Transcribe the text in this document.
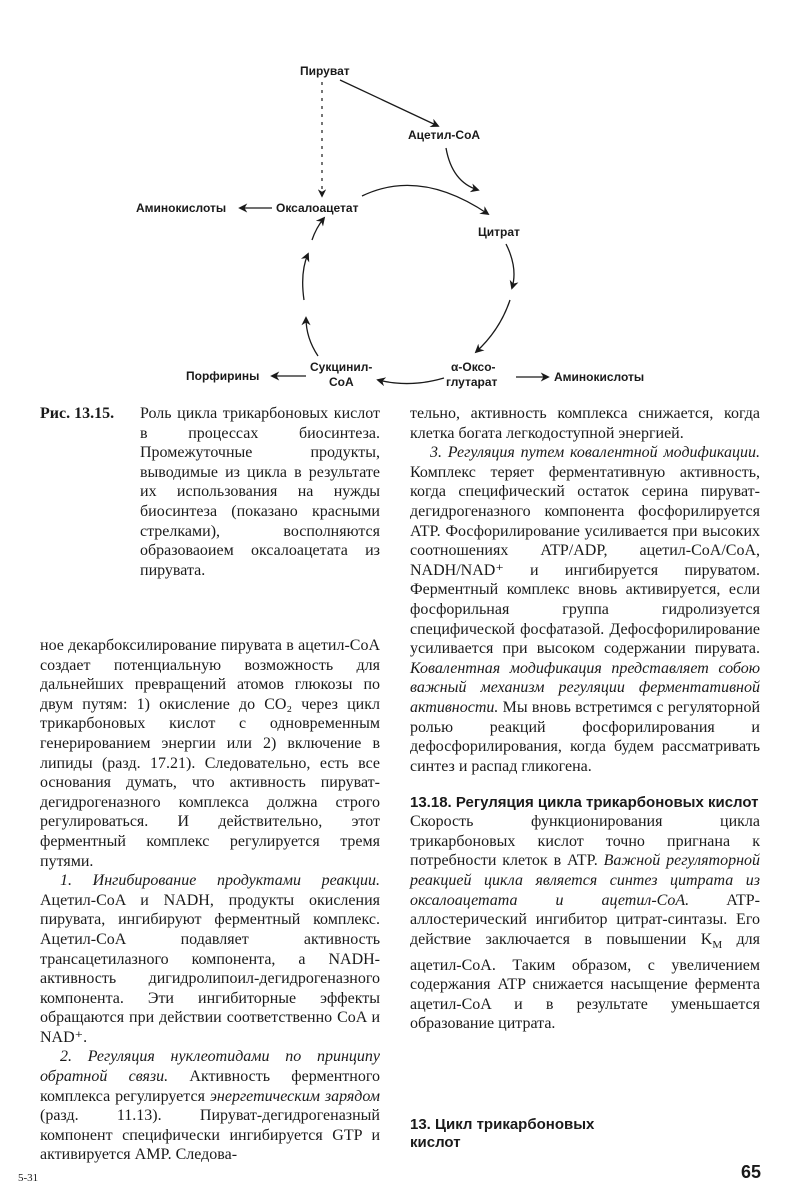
Пируват
Ацетил-CoA
Аминокислоты	Оксалоацетат
Цитрат
Порфирины
Сукцинил-
CoA
α-Оксо-
глутарат	Аминокислоты
Рис. 13.15.	Роль цикла трикарбоновых кислот в процессах биосинтеза. Промежуточные продукты, выводимые из цикла в результате их использования на нужды биосинтеза (показано красными стрелками), восполняются образоваоием оксалоацетата из пирувата.

ное декарбоксилирование пирувата в ацетил-CoA создает потенциальную возможность для дальнейших превращений атомов глюкозы по двум путям: 1) окисление до CO₂ через цикл трикарбоновых кислот с одновременным генерированием энергии или 2) включение в липиды (разд. 17.21). Следовательно, есть все основания думать, что активность пируват-дегидрогеназного комплекса должна строго регулироваться. И действительно, этот ферментный комплекс регулируется тремя путями.

1. Ингибирование продуктами реакции. Ацетил-CoA и NADH, продукты окисления пирувата, ингибируют ферментный комплекс. Ацетил-CoA подавляет активность трансацетилазного компонента, а NADH-активность дигидролипоил-дегидрогеназного компонента. Эти ингибиторные эффекты обращаются при действии соответственно CoA и NAD⁺.

2. Регуляция нуклеотидами по принципу обратной связи. Активность ферментного комплекса регулируется энергетическим зарядом (разд. 11.13). Пируват-дегидрогеназный компонент специфически ингибируется GTP и активируется AMP. Следова-

тельно, активность комплекса снижается, когда клетка богата легкодоступной энергией.

3. Регуляция путем ковалентной модификации. Комплекс теряет ферментативную активность, когда специфический остаток серина пируват-дегидрогеназного компонента фосфорилируется ATP. Фосфорилирование усиливается при высоких соотношениях ATP/ADP, ацетил-CoA/CoA, NADH/NAD⁺ и ингибируется пируватом. Ферментный комплекс вновь активируется, если фосфорильная группа гидролизуется специфической фосфатазой. Дефосфорилирование усиливается при высоком содержании пирувата. Ковалентная модификация представляет собою важный механизм регуляции ферментативной активности. Мы вновь встретимся с регуляторной ролью реакций фосфорилирования и дефосфорилирования, когда будем рассматривать синтез и распад гликогена.

13.18. Регуляция цикла трикарбоновых кислот

Скорость функционирования цикла трикарбоновых кислот точно пригнана к потребности клеток в ATP. Важной регуляторной реакцией цикла является синтез цитрата из оксалоацетата и ацетил-CoA. ATP-аллостерический ингибитор цитрат-синтазы. Его действие заключается в повышении $K_M$ для ацетил-CoA. Таким образом, с увеличением содержания ATP снижается насыщение фермента ацетил-CoA и в результате уменьшается образование цитрата.

13. Цикл трикарбоновых
кислот
65
5-31
